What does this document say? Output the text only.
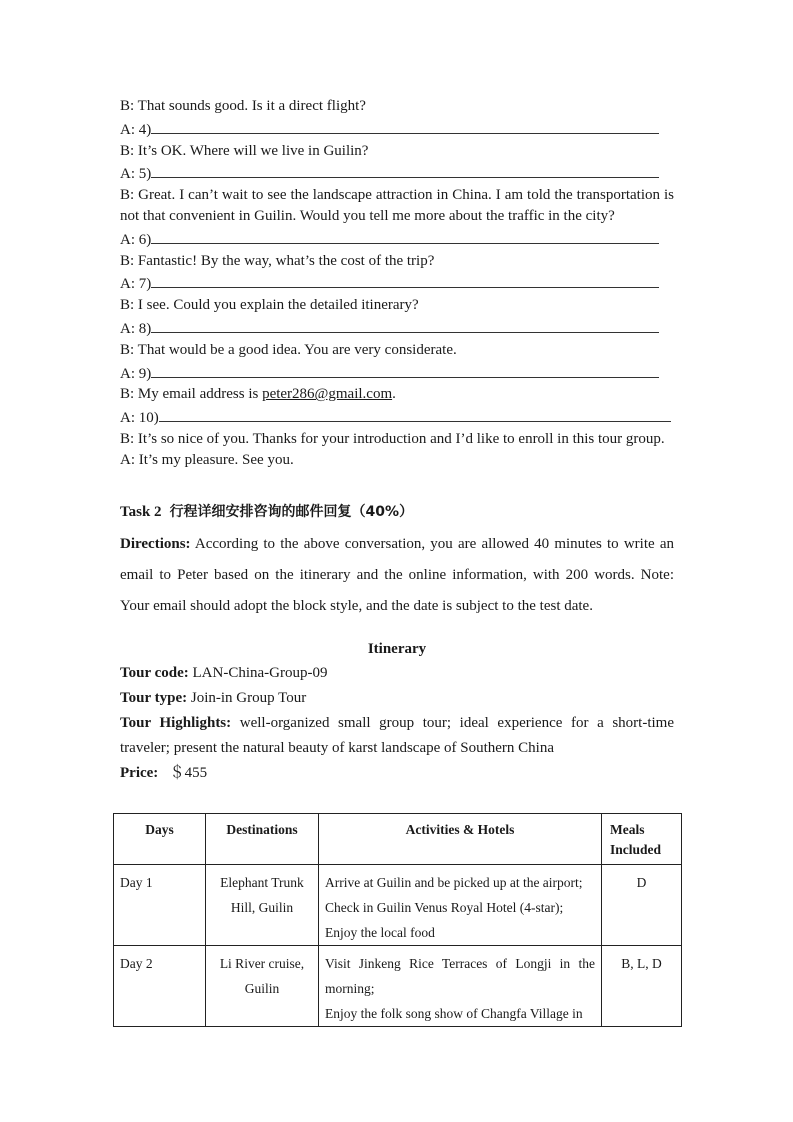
B: That sounds good. Is it a direct flight?
A: 4)
B: It’s OK. Where will we live in Guilin?
A: 5)
B: Great. I can’t wait to see the landscape attraction in China. I am told the transportation is not that convenient in Guilin. Would you tell me more about the traffic in the city?
A: 6)
B: Fantastic! By the way, what’s the cost of the trip?
A: 7)
B: I see. Could you explain the detailed itinerary?
A: 8)
B: That would be a good idea. You are very considerate.
A: 9)
B: My email address is peter286@gmail.com.
A: 10)
B: It’s so nice of you. Thanks for your introduction and I’d like to enroll in this tour group.
A: It’s my pleasure. See you.
Task 2 行程详细安排咨询的邮件回复（40%）
Directions: According to the above conversation, you are allowed 40 minutes to write an email to Peter based on the itinerary and the online information, with 200 words. Note: Your email should adopt the block style, and the date is subject to the test date.
Itinerary
Tour code: LAN-China-Group-09
Tour type: Join-in Group Tour
Tour Highlights: well-organized small group tour; ideal experience for a short-time traveler; present the natural beauty of karst landscape of Southern China
Price: ＄455
Days	Destinations	Activities & Hotels	Meals Included
Day 1	Elephant Trunk Hill, Guilin	Arrive at Guilin and be picked up at the airport;
Check in Guilin Venus Royal Hotel (4-star);
Enjoy the local food	D
Day 2	Li River cruise, Guilin	Visit Jinkeng Rice Terraces of Longji in the morning;
Enjoy the folk song show of Changfa Village in	B, L, D
